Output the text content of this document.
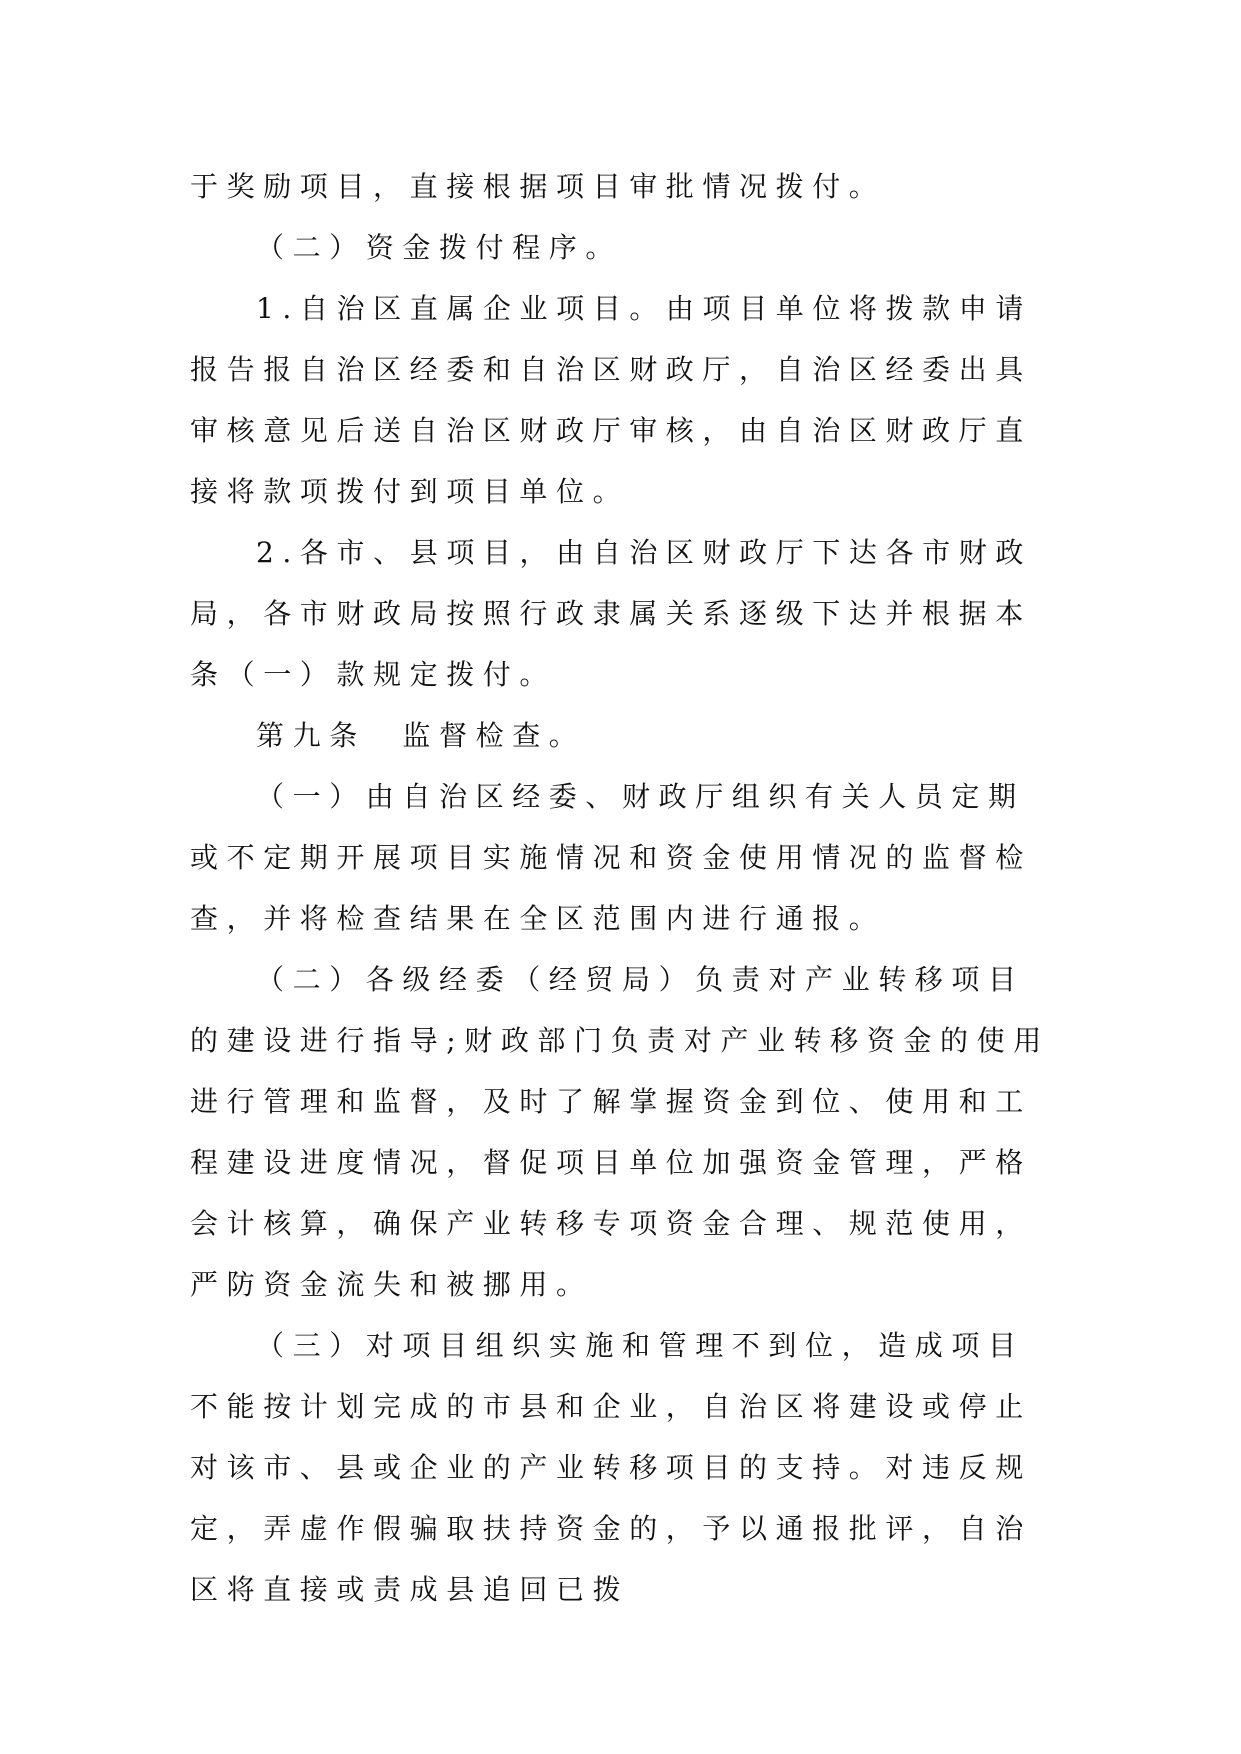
于奖励项目，直接根据项目审批情况拨付。

（二）资金拨付程序。

1.自治区直属企业项目。由项目单位将拨款申请报告报自治区经委和自治区财政厅，自治区经委出具审核意见后送自治区财政厅审核，由自治区财政厅直接将款项拨付到项目单位。

2.各市、县项目，由自治区财政厅下达各市财政局，各市财政局按照行政隶属关系逐级下达并根据本条（一）款规定拨付。

第九条　监督检查。

（一）由自治区经委、财政厅组织有关人员定期或不定期开展项目实施情况和资金使用情况的监督检查，并将检查结果在全区范围内进行通报。

（二）各级经委（经贸局）负责对产业转移项目的建设进行指导;财政部门负责对产业转移资金的使用进行管理和监督，及时了解掌握资金到位、使用和工程建设进度情况，督促项目单位加强资金管理，严格会计核算，确保产业转移专项资金合理、规范使用，严防资金流失和被挪用。

（三）对项目组织实施和管理不到位，造成项目不能按计划完成的市县和企业，自治区将建设或停止对该市、县或企业的产业转移项目的支持。对违反规定，弄虚作假骗取扶持资金的，予以通报批评，自治区将直接或责成县追回已拨
